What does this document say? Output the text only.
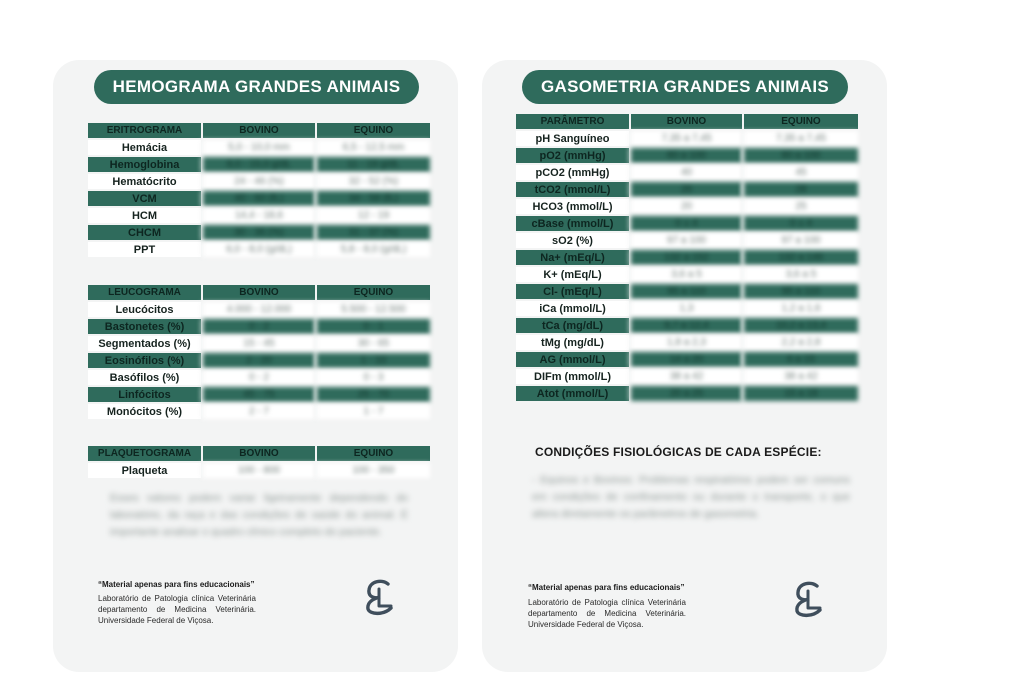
HEMOGRAMA GRANDES ANIMAIS
ERITROGRAMA	BOVINO	EQUINO
Hemácia	5,0 - 10,0 mm	6,5 - 12,5 mm
Hemoglobina	8,0 - 15,0 g/dL	11 - 19 g/dL
Hematócrito	24 - 46 (%)	32 - 52 (%)
VCM	40 - 60 (fL)	34 - 58 (fL)
HCM	14,4 - 18,6	12 - 19
CHCM	30 - 36 (%)	31 - 37 (%)
PPT	6,0 - 8,0 (g/dL)	5,8 - 8,0 (g/dL)
LEUCOGRAMA	BOVINO	EQUINO
Leucócitos	4.000 - 12.000	5.500 - 12.500
Bastonetes (%)	0 - 2	0 - 1
Segmentados (%)	15 - 45	30 - 65
Eosinófilos (%)	2 - 20	1 - 10
Basófilos (%)	0 - 2	0 - 3
Linfócitos	45 - 75	25 - 70
Monócitos (%)	2 - 7	1 - 7
PLAQUETOGRAMA	BOVINO	EQUINO
Plaqueta	100 - 800	100 - 350
Esses valores podem variar ligeiramente dependendo do laboratório, da raça e das condições de saúde do animal. É importante analisar o quadro clínico completo do paciente.
“Material apenas para fins educacionais”
Laboratório de Patologia clínica Veterinária departamento de Medicina Veterinária. Universidade Federal de Viçosa.
GASOMETRIA GRANDES ANIMAIS
PARÂMETRO	BOVINO	EQUINO
pH Sanguíneo	7,35 a 7,45	7,35 a 7,45
pO2 (mmHg)	80 a 100	80 a 100
pCO2 (mmHg)	40	45
tCO2 (mmol/L)	26	28
HCO3 (mmol/L)	20	25
cBase (mmol/L)	0 ± 4	0 ± 4
sO2 (%)	97 a 100	97 a 100
Na+ (mEq/L)	132 a 152	132 a 146
K+ (mEq/L)	3,6 a 5	3,6 a 5
Cl- (mEq/L)	95 a 110	95 a 110
iCa (mmol/L)	1,3	1,2 a 1,6
tCa (mg/dL)	9,7 a 12,4	10,2 a 13,4
tMg (mg/dL)	1,8 a 2,3	2,2 a 2,8
AG (mmol/L)	14 a 20	6 a 15
DIFm (mmol/L)	38 a 42	38 a 42
Atot (mmol/L)	20 a 25	15 a 18
CONDIÇÕES FISIOLÓGICAS DE CADA ESPÉCIE:
- Equinos e Bovinos: Problemas respiratórios podem ser comuns em condições de confinamento ou durante o transporte, o que altera diretamente os parâmetros de gasometria.
“Material apenas para fins educacionais”
Laboratório de Patologia clínica Veterinária departamento de Medicina Veterinária. Universidade Federal de Viçosa.
